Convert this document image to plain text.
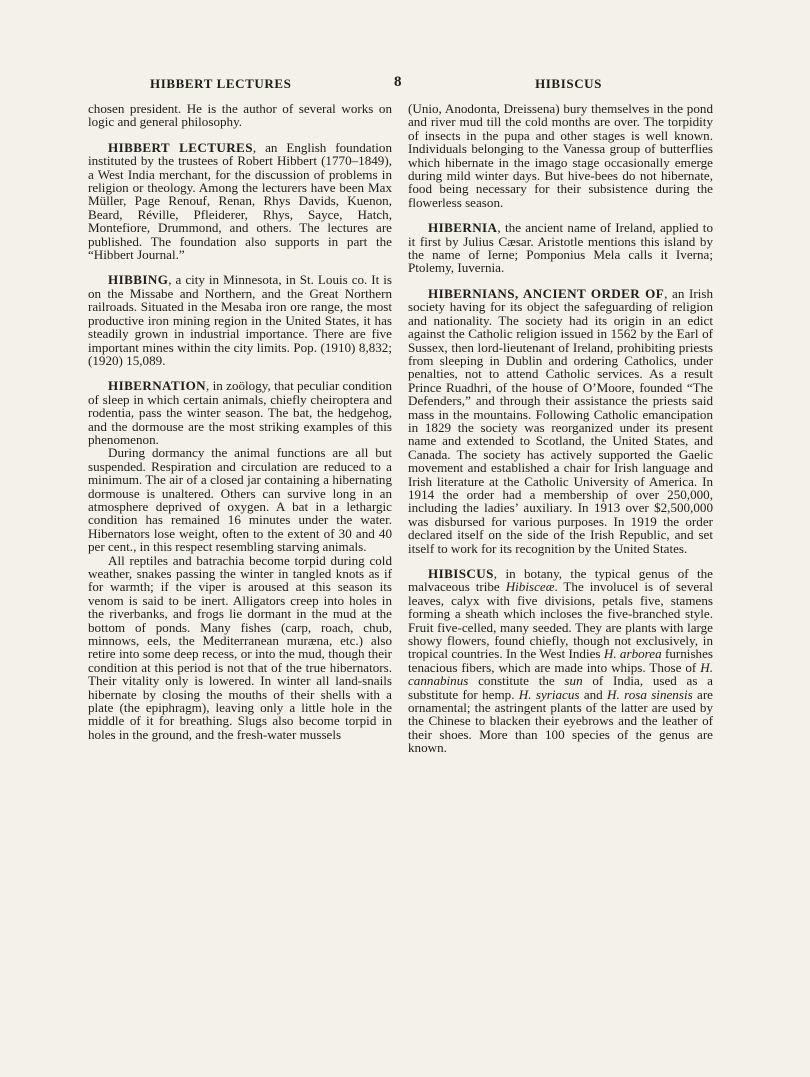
HIBBERT LECTURES	8	HIBISCUS

chosen president. He is the author of several works on logic and general philosophy.

HIBBERT LECTURES, an English foundation instituted by the trustees of Robert Hibbert (1770–1849), a West India merchant, for the discussion of problems in religion or theology. Among the lecturers have been Max Müller, Page Renouf, Renan, Rhys Davids, Kuenon, Beard, Réville, Pfleiderer, Rhys, Sayce, Hatch, Montefiore, Drummond, and others. The lectures are published. The foundation also supports in part the “Hibbert Journal.”

HIBBING, a city in Minnesota, in St. Louis co. It is on the Missabe and Northern, and the Great Northern railroads. Situated in the Mesaba iron ore range, the most productive iron mining region in the United States, it has steadily grown in industrial importance. There are five important mines within the city limits. Pop. (1910) 8,832; (1920) 15,089.

HIBERNATION, in zoölogy, that peculiar condition of sleep in which certain animals, chiefly cheiroptera and rodentia, pass the winter season. The bat, the hedgehog, and the dormouse are the most striking examples of this phenomenon.

During dormancy the animal functions are all but suspended. Respiration and circulation are reduced to a minimum. The air of a closed jar containing a hibernating dormouse is unaltered. Others can survive long in an atmosphere deprived of oxygen. A bat in a lethargic condition has remained 16 minutes under the water. Hibernators lose weight, often to the extent of 30 and 40 per cent., in this respect resembling starving animals.

All reptiles and batrachia become torpid during cold weather, snakes passing the winter in tangled knots as if for warmth; if the viper is aroused at this season its venom is said to be inert. Alligators creep into holes in the riverbanks, and frogs lie dormant in the mud at the bottom of ponds. Many fishes (carp, roach, chub, minnows, eels, the Mediterranean muræna, etc.) also retire into some deep recess, or into the mud, though their condition at this period is not that of the true hibernators. Their vitality only is lowered. In winter all land-snails hibernate by closing the mouths of their shells with a plate (the epiphragm), leaving only a little hole in the middle of it for breathing. Slugs also become torpid in holes in the ground, and the fresh-water mussels

(Unio, Anodonta, Dreissena) bury themselves in the pond and river mud till the cold months are over. The torpidity of insects in the pupa and other stages is well known. Individuals belonging to the Vanessa group of butterflies which hibernate in the imago stage occasionally emerge during mild winter days. But hive-bees do not hibernate, food being necessary for their subsistence during the flowerless season.

HIBERNIA, the ancient name of Ireland, applied to it first by Julius Cæsar. Aristotle mentions this island by the name of Ierne; Pomponius Mela calls it Iverna; Ptolemy, Iuvernia.

HIBERNIANS, ANCIENT ORDER OF, an Irish society having for its object the safeguarding of religion and nationality. The society had its origin in an edict against the Catholic religion issued in 1562 by the Earl of Sussex, then lord-lieutenant of Ireland, prohibiting priests from sleeping in Dublin and ordering Catholics, under penalties, not to attend Catholic services. As a result Prince Ruadhri, of the house of O’Moore, founded “The Defenders,” and through their assistance the priests said mass in the mountains. Following Catholic emancipation in 1829 the society was reorganized under its present name and extended to Scotland, the United States, and Canada. The society has actively supported the Gaelic movement and established a chair for Irish language and Irish literature at the Catholic University of America. In 1914 the order had a membership of over 250,000, including the ladies’ auxiliary. In 1913 over $2,500,000 was disbursed for various purposes. In 1919 the order declared itself on the side of the Irish Republic, and set itself to work for its recognition by the United States.

HIBISCUS, in botany, the typical genus of the malvaceous tribe Hibisceæ. The involucel is of several leaves, calyx with five divisions, petals five, stamens forming a sheath which incloses the five-branched style. Fruit five-celled, many seeded. They are plants with large showy flowers, found chiefly, though not exclusively, in tropical countries. In the West Indies H. arborea furnishes tenacious fibers, which are made into whips. Those of H. cannabinus constitute the sun of India, used as a substitute for hemp. H. syriacus and H. rosa sinensis are ornamental; the astringent plants of the latter are used by the Chinese to blacken their eyebrows and the leather of their shoes. More than 100 species of the genus are known.
